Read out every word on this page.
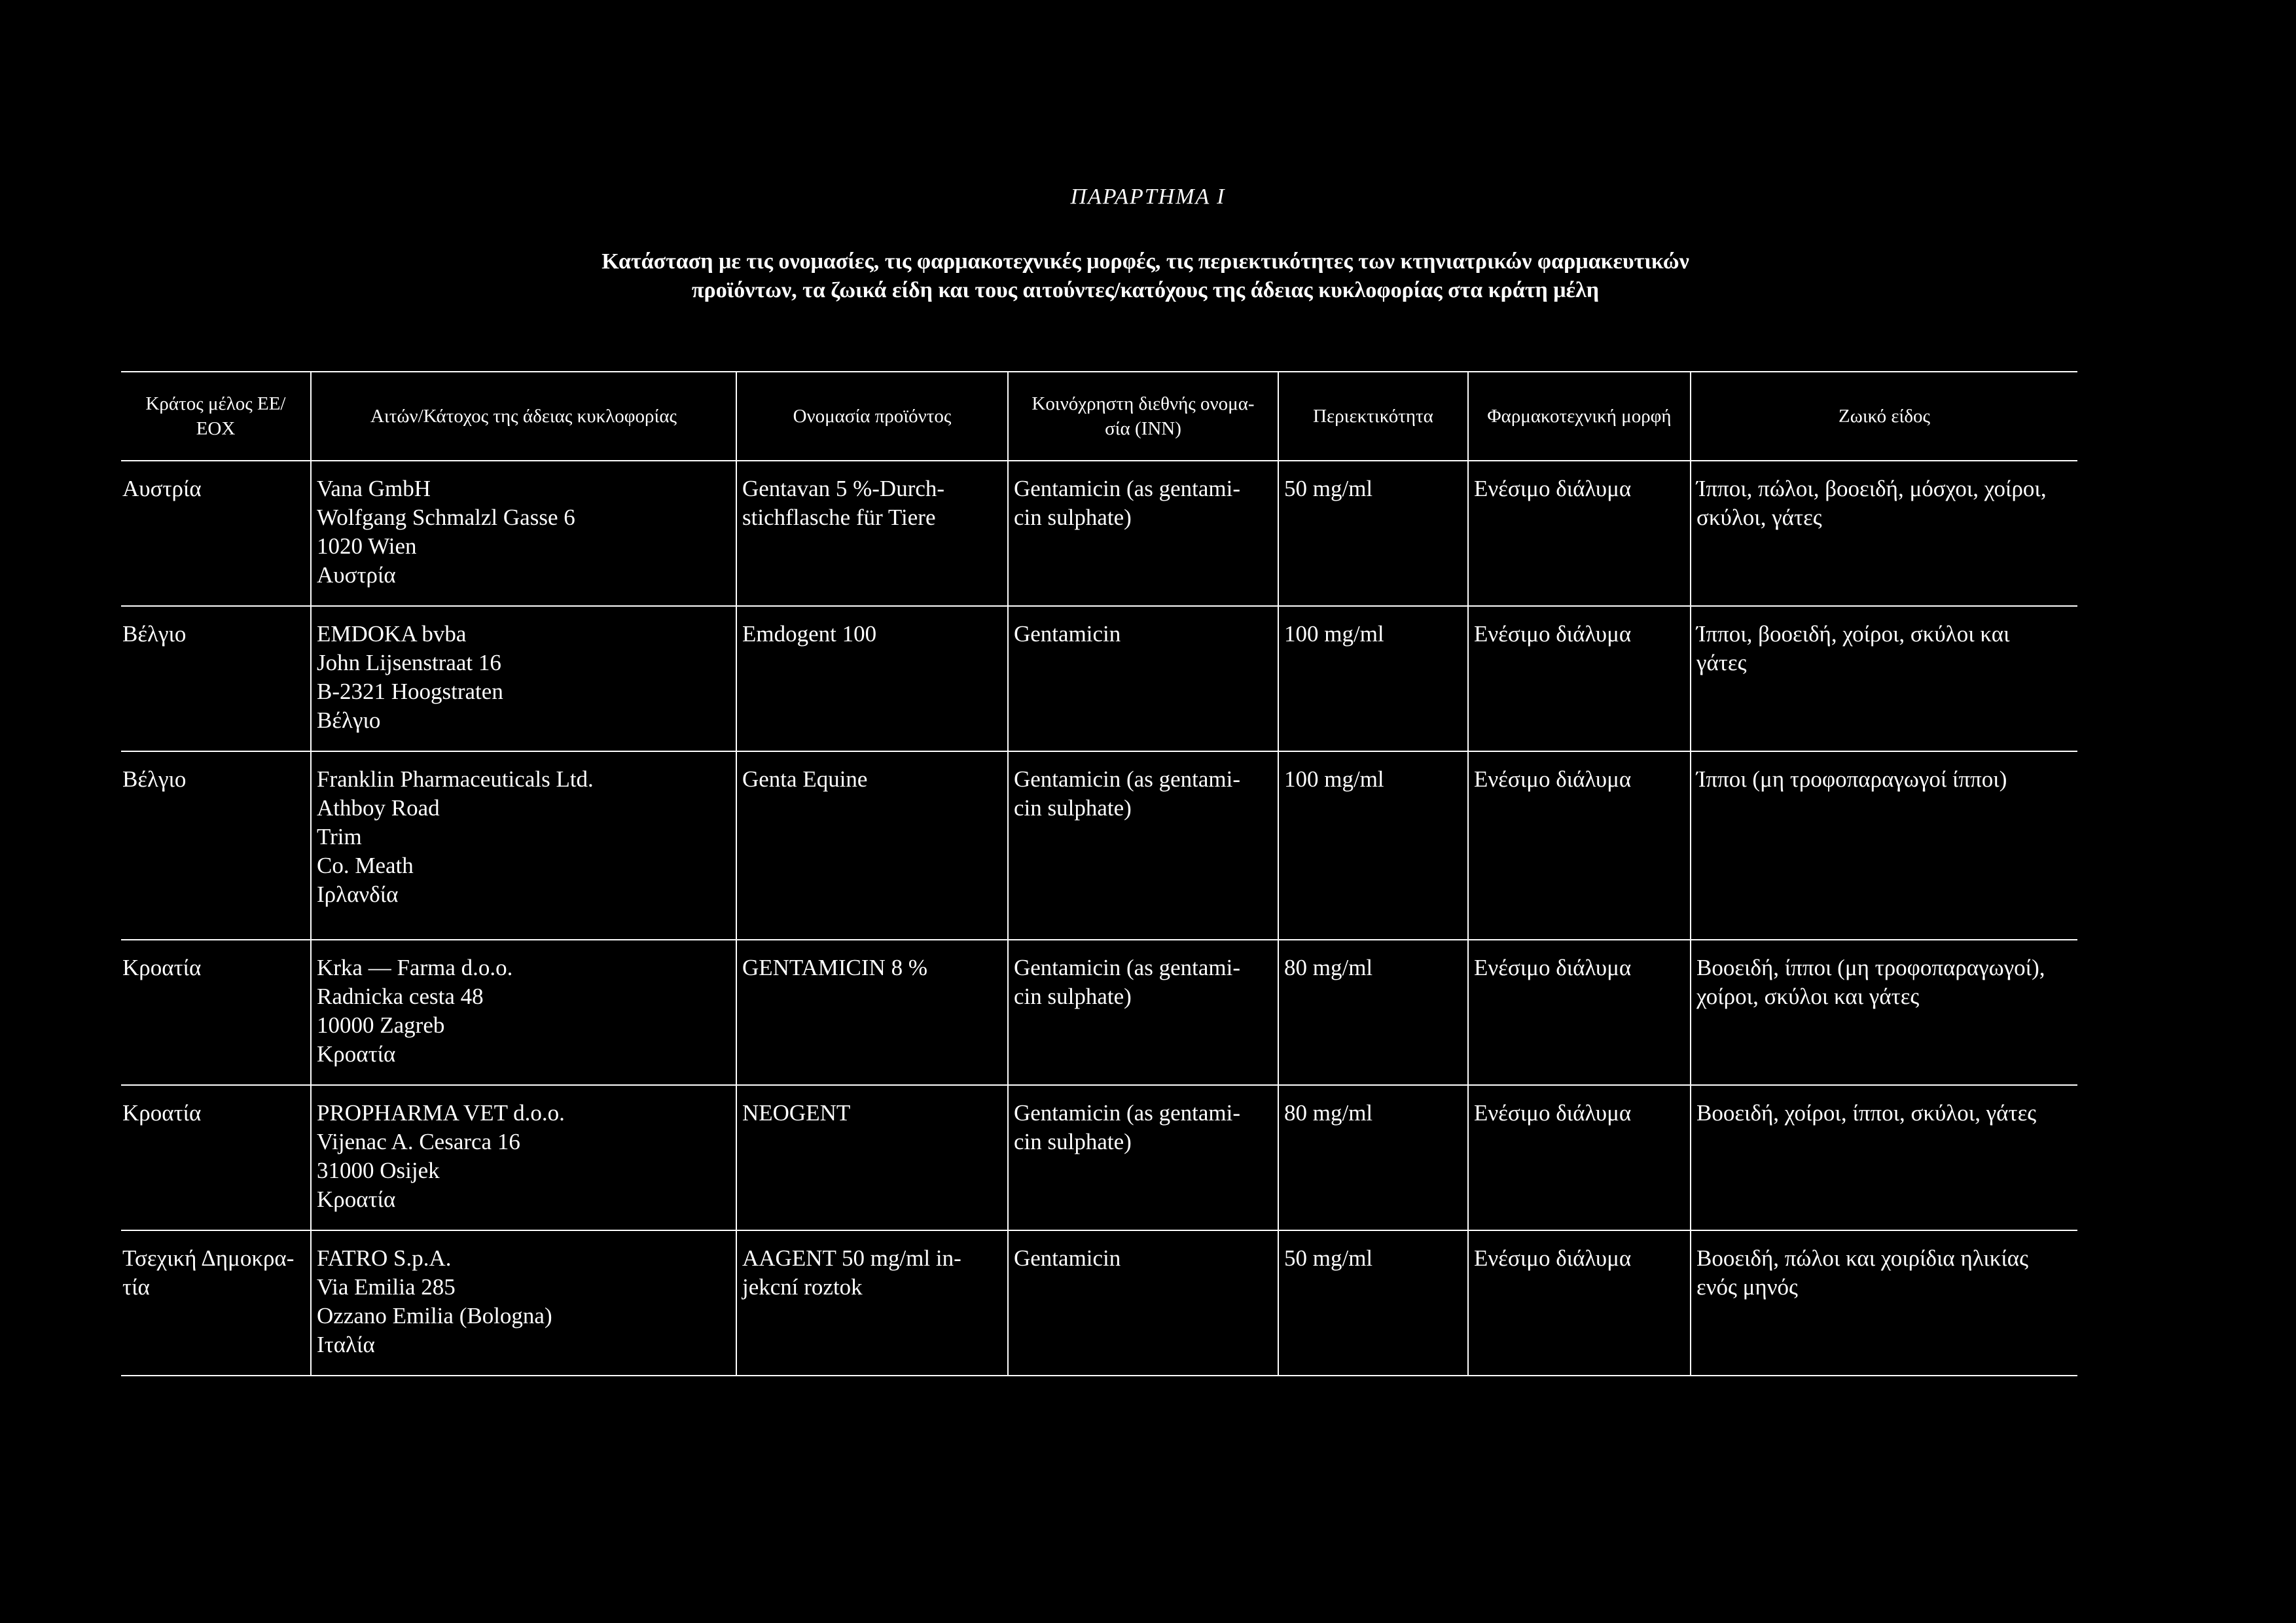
ΠΑΡΑΡΤΗΜΑ I
Κατάσταση με τις ονομασίες, τις φαρμακοτεχνικές μορφές, τις περιεκτικότητες των κτηνιατρικών φαρμακευτικών
προϊόντων, τα ζωικά είδη και τους αιτούντες/κατόχους της άδειας κυκλοφορίας στα κράτη μέλη
Κράτος μέλος ΕΕ/
ΕΟΧ	Αιτών/Κάτοχος της άδειας κυκλοφορίας	Ονομασία προϊόντος	Κοινόχρηστη διεθνής ονομα-
σία (INN)	Περιεκτικότητα	Φαρμακοτεχνική μορφή	Ζωικό είδος

Αυστρία	Vana GmbH
Wolfgang Schmalzl Gasse 6
1020 Wien
Αυστρία	Gentavan 5 %-Durch-
stichflasche für Tiere	Gentamicin (as gentami-
cin sulphate)	50 mg/ml	Ενέσιμο διάλυμα	Ίπποι, πώλοι, βοοειδή, μόσχοι, χοίροι,
σκύλοι, γάτες

Βέλγιο	EMDOKA bvba
John Lijsenstraat 16
B-2321 Hoogstraten
Βέλγιο	Emdogent 100	Gentamicin	100 mg/ml	Ενέσιμο διάλυμα	Ίπποι, βοοειδή, χοίροι, σκύλοι και
γάτες

Βέλγιο	Franklin Pharmaceuticals Ltd.
Athboy Road
Trim
Co. Meath
Ιρλανδία	Genta Equine	Gentamicin (as gentami-
cin sulphate)	100 mg/ml	Ενέσιμο διάλυμα	Ίπποι (μη τροφοπαραγωγοί ίπποι)

Κροατία	Krka — Farma d.o.o.
Radnicka cesta 48
10000 Zagreb
Κροατία	GENTAMICIN 8 %	Gentamicin (as gentami-
cin sulphate)	80 mg/ml	Ενέσιμο διάλυμα	Βοοειδή, ίπποι (μη τροφοπαραγωγοί),
χοίροι, σκύλοι και γάτες

Κροατία	PROPHARMA VET d.o.o.
Vijenac A. Cesarca 16
31000 Osijek
Κροατία	NEOGENT	Gentamicin (as gentami-
cin sulphate)	80 mg/ml	Ενέσιμο διάλυμα	Βοοειδή, χοίροι, ίπποι, σκύλοι, γάτες

Τσεχική Δημοκρα-
τία	FATRO S.p.A.
Via Emilia 285
Ozzano Emilia (Bologna)
Ιταλία	AAGENT 50 mg/ml in-
jekcní roztok	Gentamicin	50 mg/ml	Ενέσιμο διάλυμα	Βοοειδή, πώλοι και χοιρίδια ηλικίας
ενός μηνός
